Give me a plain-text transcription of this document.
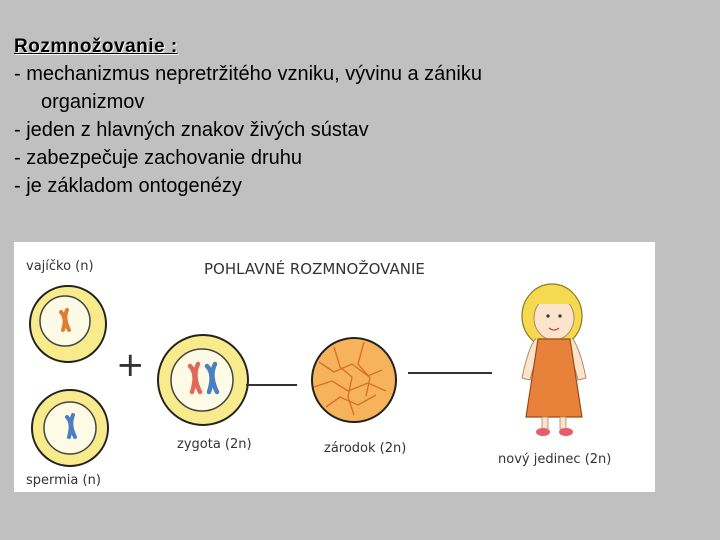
Rozmnožovanie :

- mechanizmus nepretržitého vzniku, vývinu a zániku

organizmov

- jeden z hlavných znakov živých sústav

- zabezpečuje zachovanie druhu

- je základom ontogenézy

POHLAVNÉ ROZMNOŽOVANIE
vajíčko (n)
spermia (n)
+
zygota (2n)	zárodok (2n)
nový jedinec (2n)
